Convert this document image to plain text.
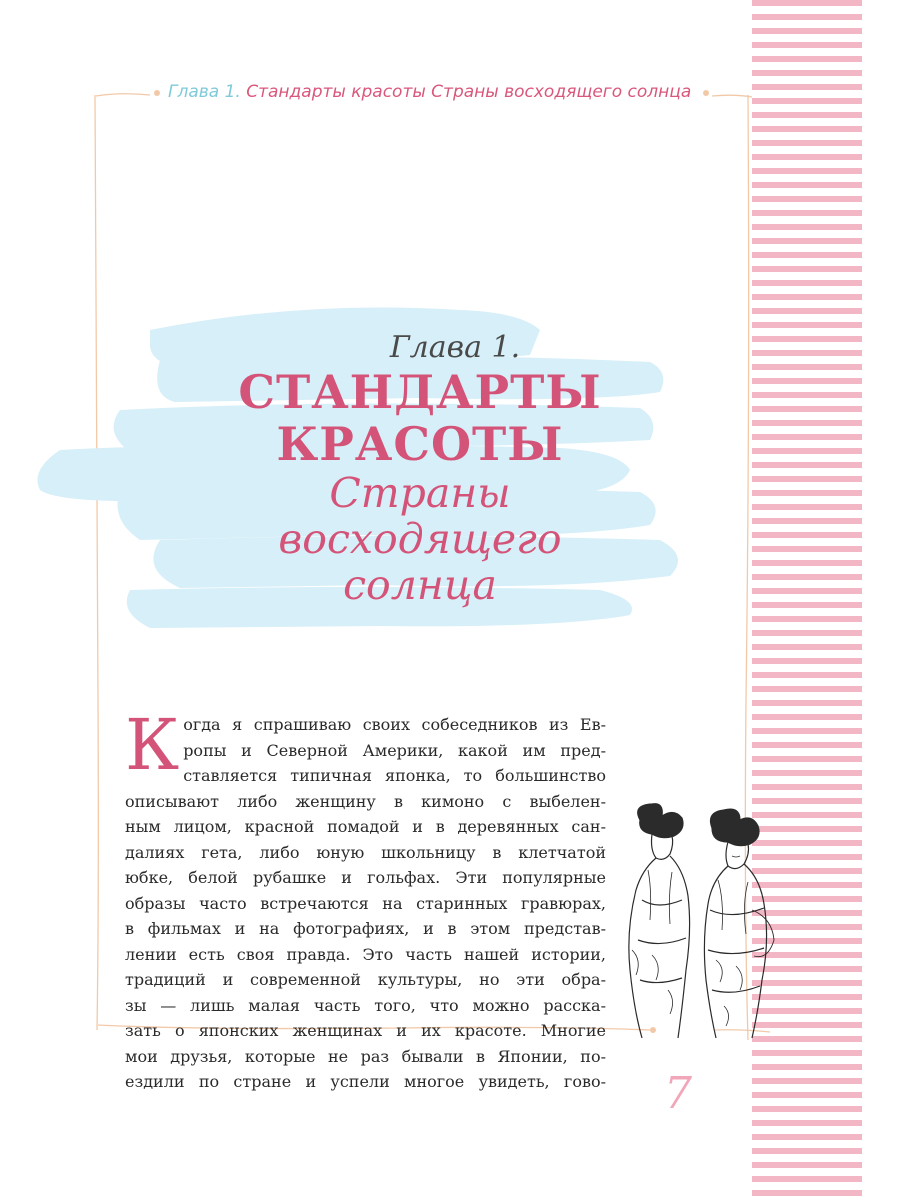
Глава 1. Стандарты красоты Страны восходящего солнца
Глава 1.
СТАНДАРТЫ
КРАСОТЫ
Страны
восходящего
солнца
К огда я спрашиваю своих собеседников из Ев-
ропы и Северной Америки, какой им пред-
ставляется типичная японка, то большинство
описывают либо женщину в кимоно с выбелен-
ным лицом, красной помадой и в деревянных сан-
далиях гета, либо юную школьницу в клетчатой
юбке, белой рубашке и гольфах. Эти популярные
образы часто встречаются на старинных гравюрах,
в фильмах и на фотографиях, и в этом представ-
лении есть своя правда. Это часть нашей истории,
традиций и современной культуры, но эти обра-
зы — лишь малая часть того, что можно расска-
зать о японских женщинах и их красоте. Многие
мои друзья, которые не раз бывали в Японии, по-
ездили по стране и успели многое увидеть, гово- 7
